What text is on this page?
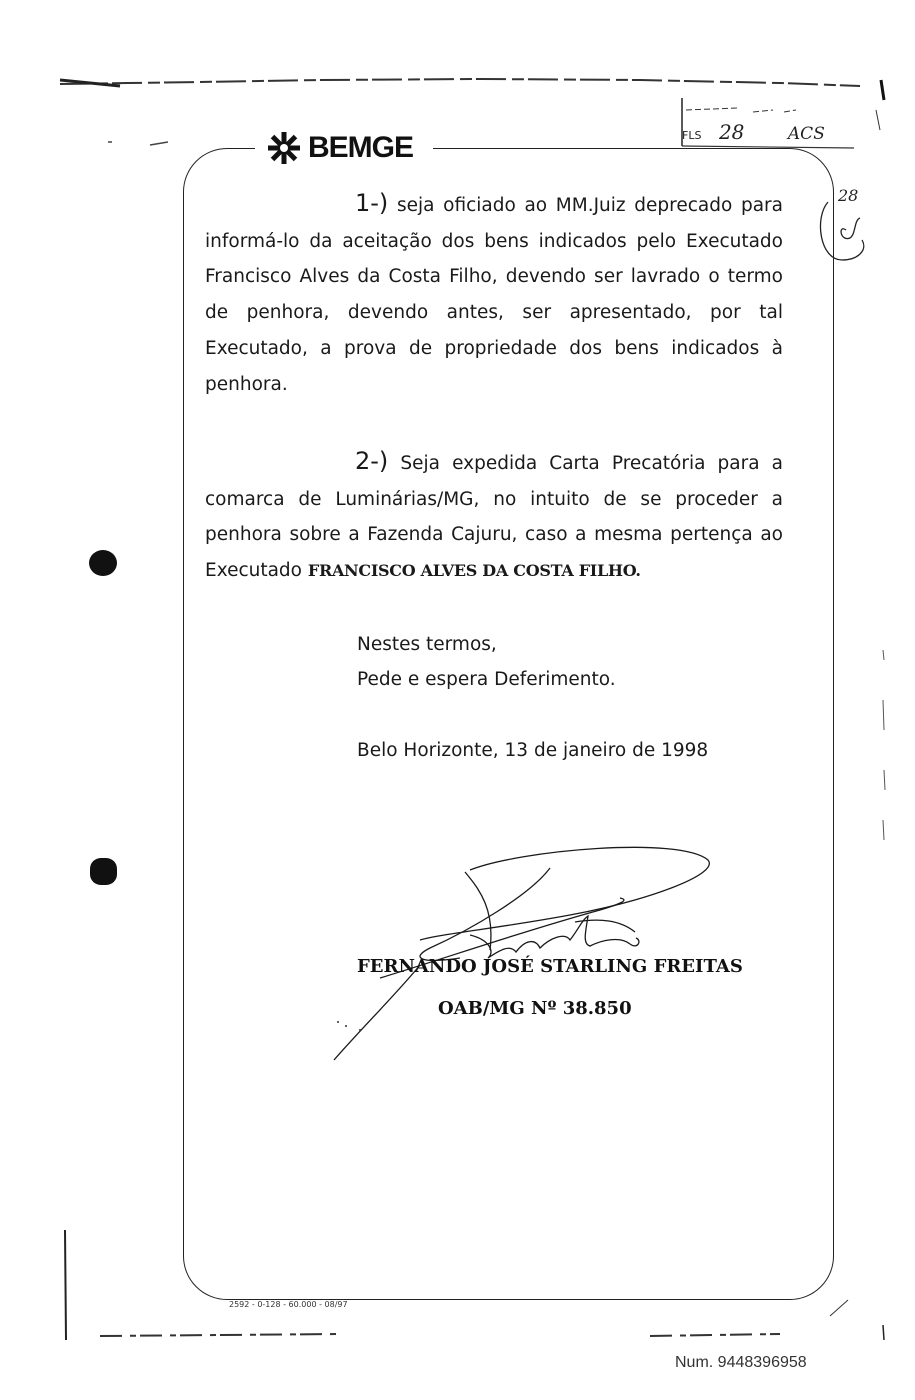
FLS 28	ACS
28
BEMGE
1-) seja oficiado ao MM.Juiz deprecado para informá-lo da aceitação dos bens indicados pelo Executado Francisco Alves da Costa Filho, devendo ser lavrado o termo de penhora, devendo antes, ser apresentado, por tal Executado, a prova de propriedade dos bens indicados à penhora.
2-) Seja expedida Carta Precatória para a comarca de Luminárias/MG, no intuito de se proceder a penhora sobre a Fazenda Cajuru, caso a mesma pertença ao Executado FRANCISCO ALVES DA COSTA FILHO.
Nestes termos,
Pede e espera Deferimento.
Belo Horizonte, 13 de janeiro de 1998
FERNANDO JOSÉ STARLING FREITAS
OAB/MG Nº 38.850
2592 - 0-128 - 60.000 - 08/97
Num. 9448396958
